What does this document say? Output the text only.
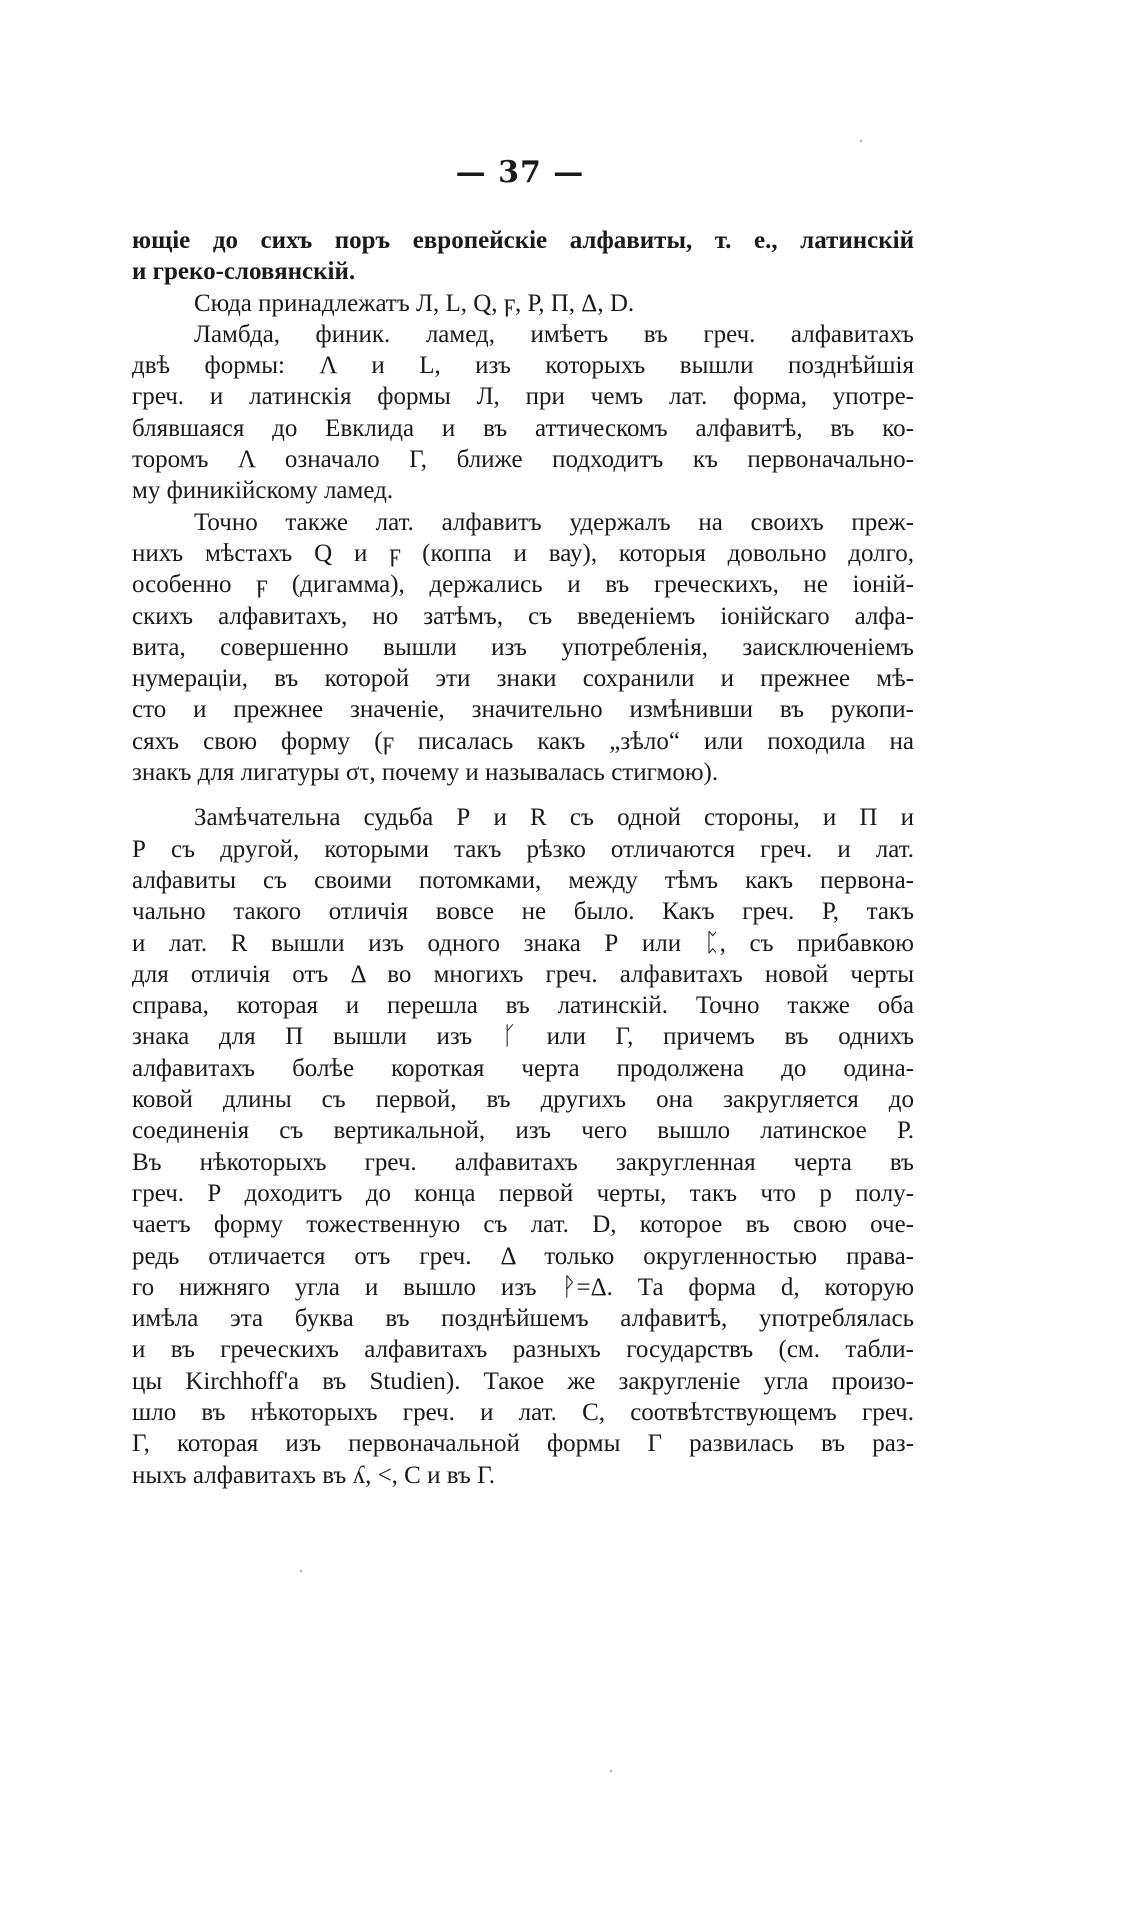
— 37 —
ющіе до сихъ поръ европейскіе алфавиты, т. е., латинскій
и греко-словянскій.
Сюда принадлежатъ Л, L, Q, ϝ, Р, П, Δ, D.
Ламбда, финик. ламед, имѣетъ въ греч. алфавитахъ
двѣ формы: Λ и L, изъ которыхъ вышли позднѣйшія
греч. и латинскія формы Л, при чемъ лат. форма, употре-
блявшаяся до Евклида и въ аттическомъ алфавитѣ, въ ко-
торомъ Λ означало Г, ближе подходитъ къ первоначально-
му финикійскому ламед.
Точно также лат. алфавитъ удержалъ на своихъ преж-
нихъ мѣстахъ Q и ϝ (коппа и вау), которыя довольно долго,
особенно ϝ (дигамма), держались и въ греческихъ, не іоній-
скихъ алфавитахъ, но затѣмъ, съ введеніемъ іонійскаго алфа-
вита, совершенно вышли изъ употребленія, заисключеніемъ
нумераціи, въ которой эти знаки сохранили и прежнее мѣ-
сто и прежнее значеніе, значительно измѣнивши въ рукопи-
сяхъ свою форму (ϝ писалась какъ „зѣло“ или походила на
знакъ для лигатуры στ, почему и называлась стигмою).
Замѣчательна судьба Р и R съ одной стороны, и П и
Р съ другой, которыми такъ рѣзко отличаются греч. и лат.
алфавиты съ своими потомками, между тѣмъ какъ первона-
чально такого отличія вовсе не было. Какъ греч. Р, такъ
и лат. R вышли изъ одного знака Р или ᛈ, съ прибавкою
для отличія отъ Δ во многихъ греч. алфавитахъ новой черты
справа, которая и перешла въ латинскій. Точно также оба
знака для П вышли изъ ᚴ или Г, причемъ въ однихъ
алфавитахъ болѣе короткая черта продолжена до одина-
ковой длины съ первой, въ другихъ она закругляется до
соединенія съ вертикальной, изъ чего вышло латинское Р.
Въ нѣкоторыхъ греч. алфавитахъ закругленная черта въ
греч. Р доходитъ до конца первой черты, такъ что р полу-
чаетъ форму тожественную съ лат. D, которое въ свою оче-
редь отличается отъ греч. Δ только округленностью права-
го нижняго угла и вышло изъ ᚹ=Δ. Та форма d, которую
имѣла эта буква въ позднѣйшемъ алфавитѣ, употреблялась
и въ греческихъ алфавитахъ разныхъ государствъ (см. табли-
цы Kirchhoff'а въ Studien). Такое же закругленіе угла произо-
шло въ нѣкоторыхъ греч. и лат. С, соотвѣтствующемъ греч.
Г, которая изъ первоначальной формы Г развилась въ раз-
ныхъ алфавитахъ въ ʎ, <, С и въ Г.
